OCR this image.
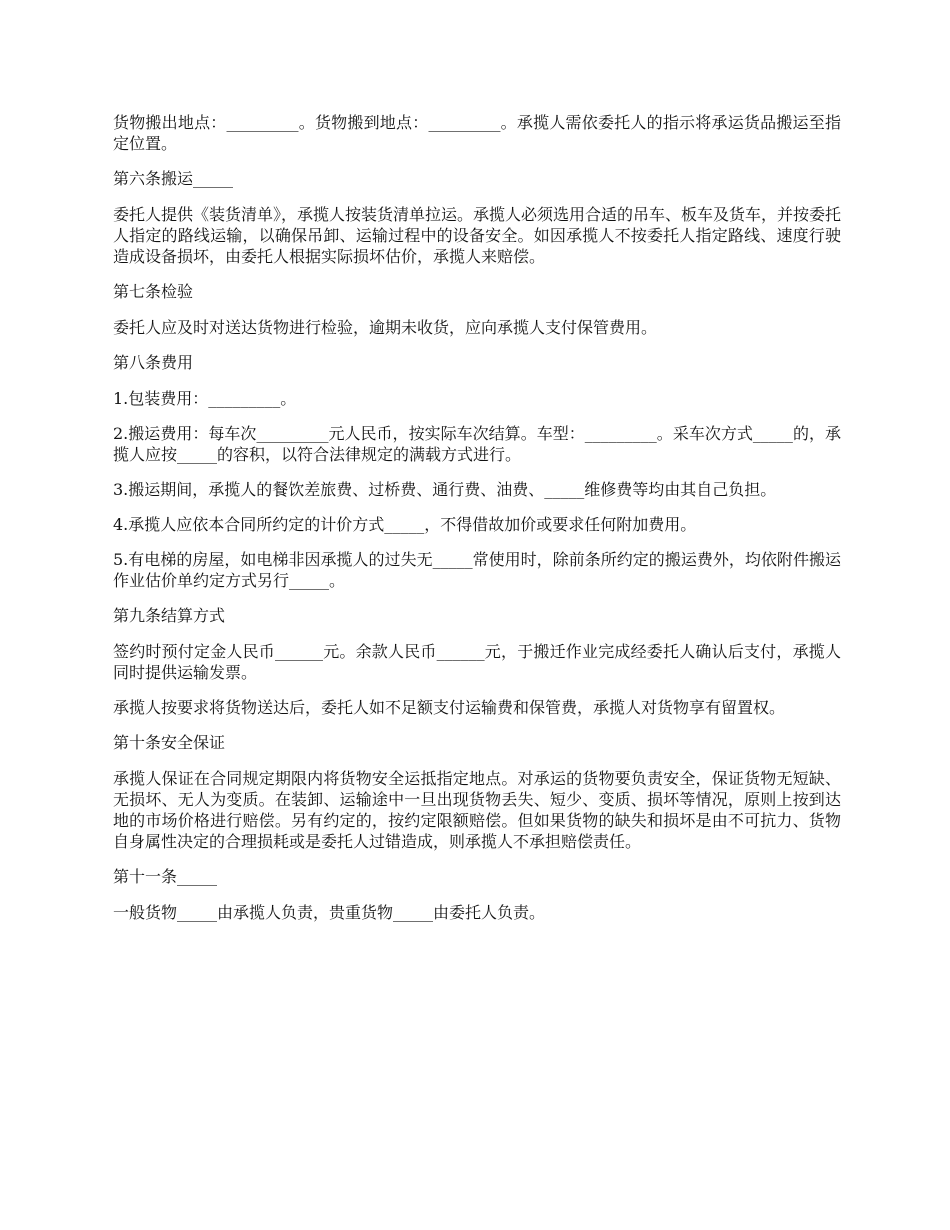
货物搬出地点：_________。货物搬到地点：_________。承揽人需依委托人的指示将承运货品搬运至指定位置。

第六条搬运_____

委托人提供《装货清单》，承揽人按装货清单拉运。承揽人必须选用合适的吊车、板车及货车，并按委托人指定的路线运输，以确保吊卸、运输过程中的设备安全。如因承揽人不按委托人指定路线、速度行驶造成设备损坏，由委托人根据实际损坏估价，承揽人来赔偿。

第七条检验

委托人应及时对送达货物进行检验，逾期未收货，应向承揽人支付保管费用。

第八条费用

1.包装费用：_________。

2.搬运费用：每车次_________元人民币，按实际车次结算。车型：_________。采车次方式_____的，承揽人应按_____的容积，以符合法律规定的满载方式进行。

3.搬运期间，承揽人的餐饮差旅费、过桥费、通行费、油费、_____维修费等均由其自己负担。

4.承揽人应依本合同所约定的计价方式_____，不得借故加价或要求任何附加费用。

5.有电梯的房屋，如电梯非因承揽人的过失无_____常使用时，除前条所约定的搬运费外，均依附件搬运作业估价单约定方式另行_____。

第九条结算方式

签约时预付定金人民币______元。余款人民币______元，于搬迁作业完成经委托人确认后支付，承揽人同时提供运输发票。

承揽人按要求将货物送达后，委托人如不足额支付运输费和保管费，承揽人对货物享有留置权。

第十条安全保证

承揽人保证在合同规定期限内将货物安全运抵指定地点。对承运的货物要负责安全，保证货物无短缺、无损坏、无人为变质。在装卸、运输途中一旦出现货物丢失、短少、变质、损坏等情况，原则上按到达地的市场价格进行赔偿。另有约定的，按约定限额赔偿。但如果货物的缺失和损坏是由不可抗力、货物自身属性决定的合理损耗或是委托人过错造成，则承揽人不承担赔偿责任。

第十一条_____

一般货物_____由承揽人负责，贵重货物_____由委托人负责。
